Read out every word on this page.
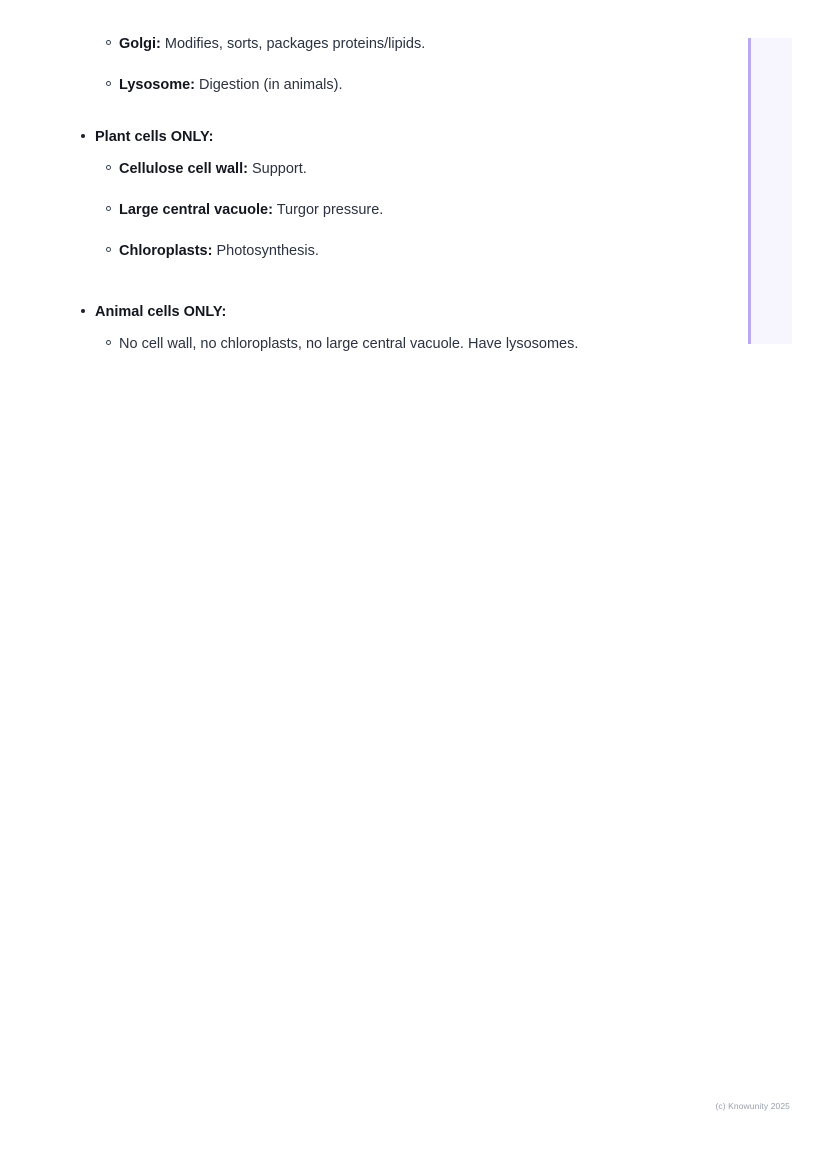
Golgi: Modifies, sorts, packages proteins/lipids.
Lysosome: Digestion (in animals).
Plant cells ONLY:
Cellulose cell wall: Support.
Large central vacuole: Turgor pressure.
Chloroplasts: Photosynthesis.
Animal cells ONLY:
No cell wall, no chloroplasts, no large central vacuole. Have lysosomes.
(c) Knowunity 2025
